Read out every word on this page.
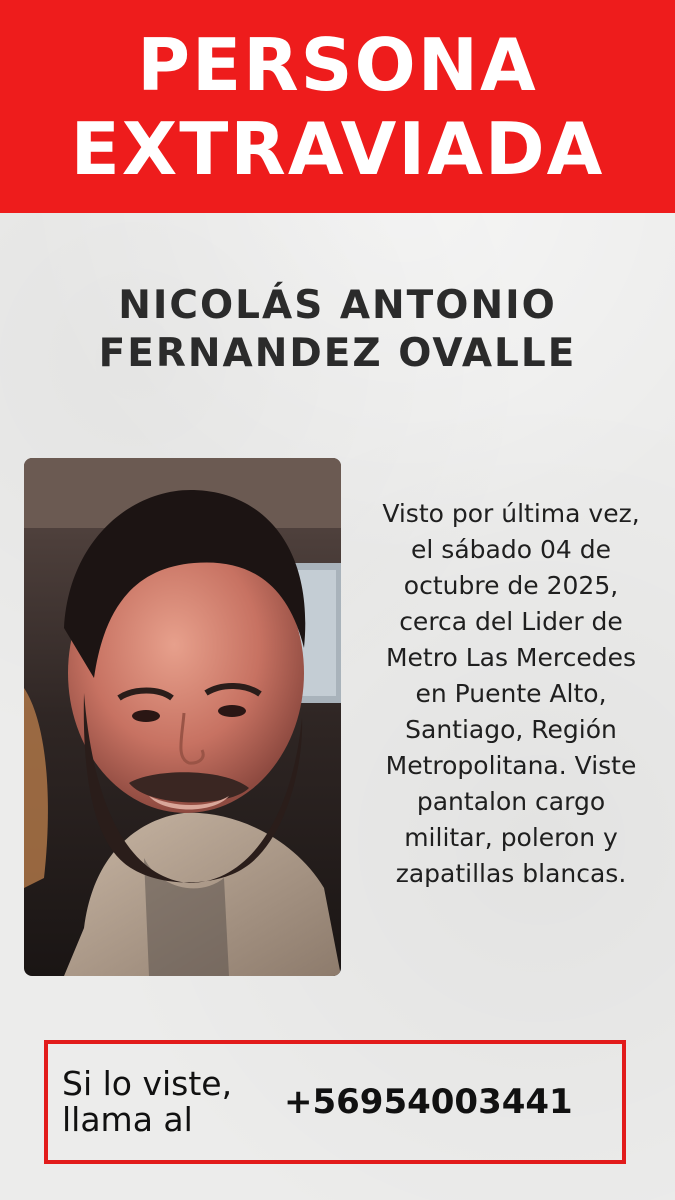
PERSONA
EXTRAVIADA
NICOLÁS ANTONIO
FERNANDEZ OVALLE
Visto por última vez,
el sábado 04 de
octubre de 2025,
cerca del Lider de
Metro Las Mercedes
en Puente Alto,
Santiago, Región
Metropolitana. Viste
pantalon cargo
militar, poleron y
zapatillas blancas.
Si lo viste,
llama al	+56954003441
